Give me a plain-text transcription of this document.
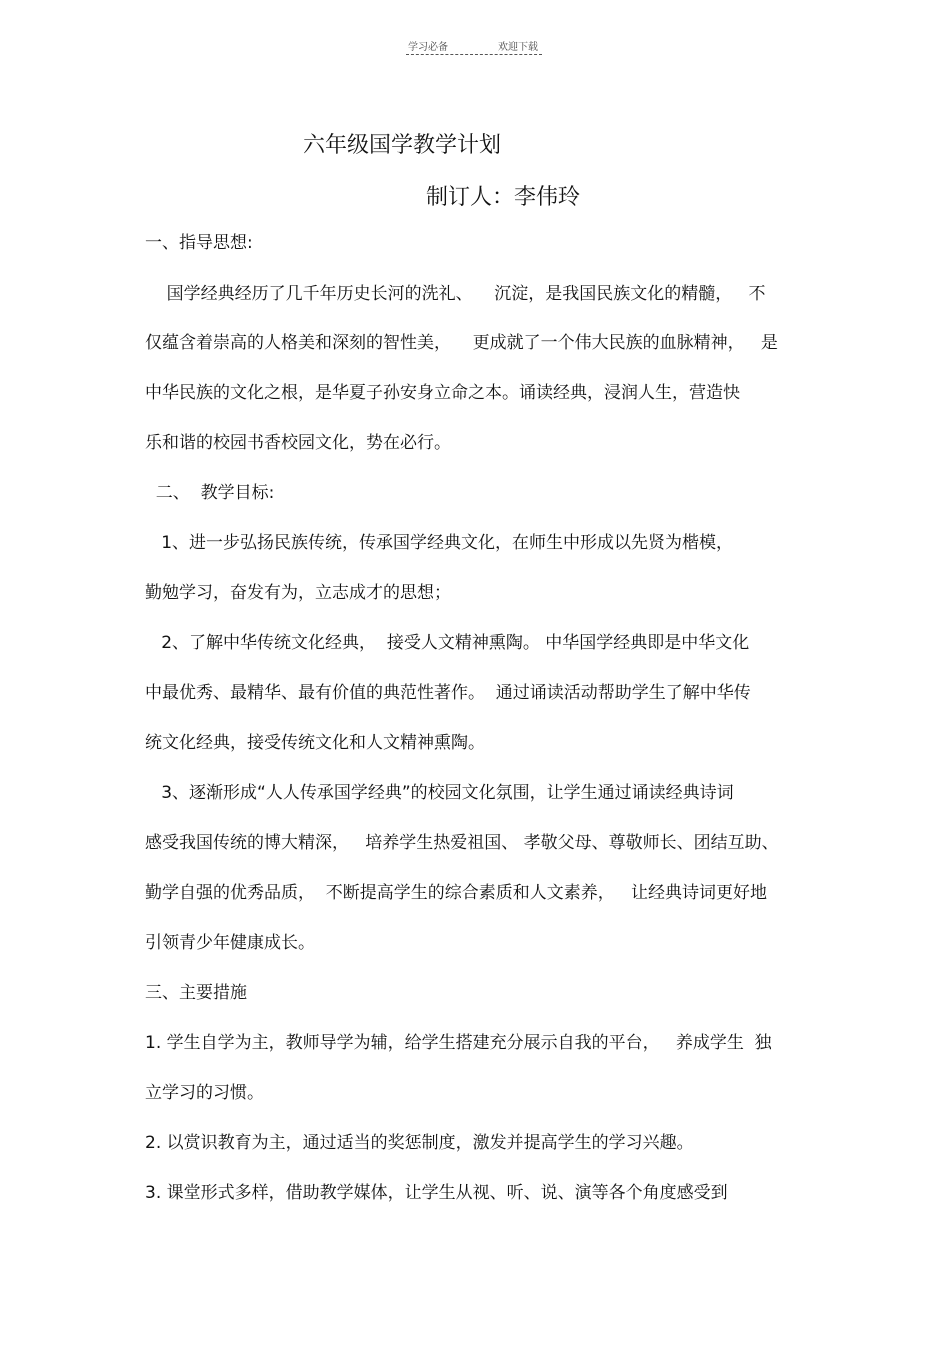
学习必备	欢迎下载
六年级国学教学计划
制订人：李伟玲
一、指导思想:
国学经典经历了几千年历史长河的洗礼、    沉淀，是我国民族文化的精髓，   不
仅蕴含着崇高的人格美和深刻的智性美，    更成就了一个伟大民族的血脉精神，   是
中华民族的文化之根，是华夏子孙安身立命之本。诵读经典，浸润人生，营造快
乐和谐的校园书香校园文化，势在必行。
二、  教学目标:
1、进一步弘扬民族传统，传承国学经典文化，在师生中形成以先贤为楷模，
勤勉学习，奋发有为，立志成才的思想；
2、了解中华传统文化经典，  接受人文精神熏陶。 中华国学经典即是中华文化
中最优秀、最精华、最有价值的典范性著作。  通过诵读活动帮助学生了解中华传
统文化经典，接受传统文化和人文精神熏陶。
3、逐渐形成“人人传承国学经典”的校园文化氛围，让学生通过诵读经典诗词
感受我国传统的博大精深，   培养学生热爱祖国、 孝敬父母、尊敬师长、团结互助、
勤学自强的优秀品质，  不断提高学生的综合素质和人文素养，   让经典诗词更好地
引领青少年健康成长。
三、主要措施
1. 学生自学为主，教师导学为辅，给学生搭建充分展示自我的平台，   养成学生  独
立学习的习惯。
2. 以赏识教育为主，通过适当的奖惩制度，激发并提高学生的学习兴趣。
3. 课堂形式多样，借助教学媒体，让学生从视、听、说、演等各个角度感受到
